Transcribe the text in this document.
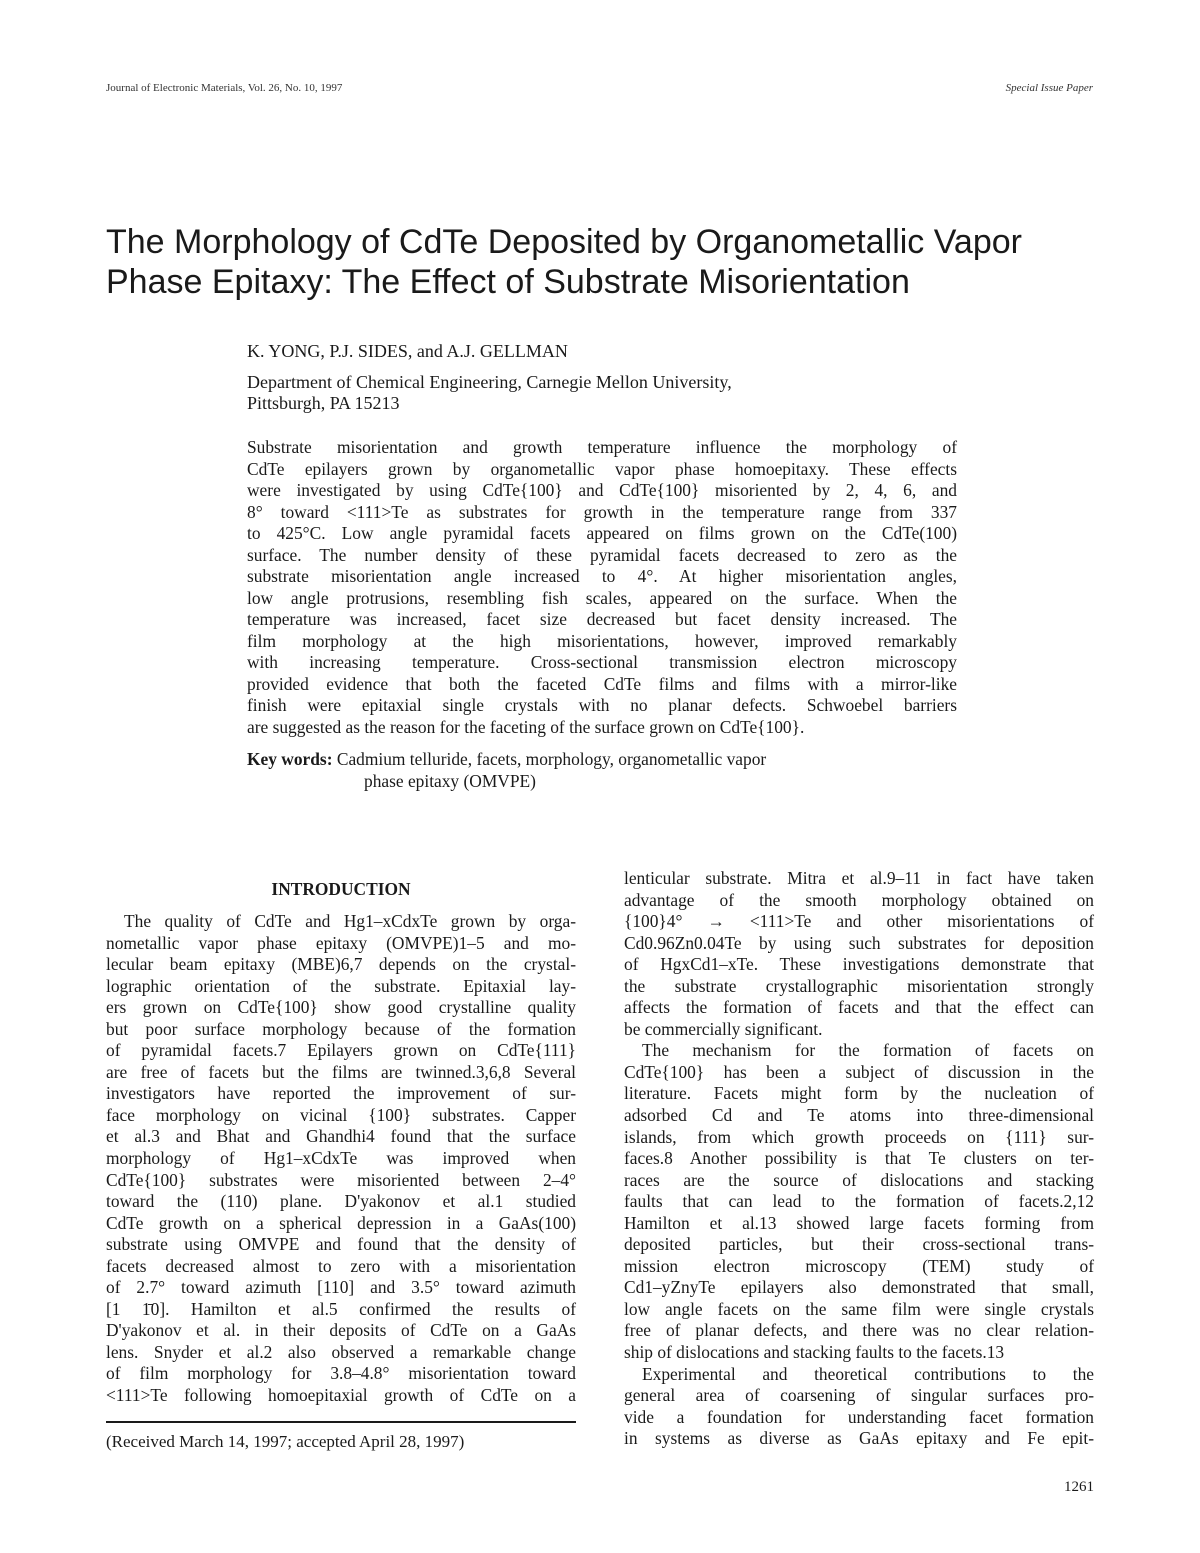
Journal of Electronic Materials, Vol. 26, No. 10, 1997	Special Issue Paper
The Morphology of CdTe Deposited by Organometallic Vapor
Phase Epitaxy: The Effect of Substrate Misorientation
K. YONG, P.J. SIDES, and A.J. GELLMAN
Department of Chemical Engineering, Carnegie Mellon University,
Pittsburgh, PA 15213
Substrate misorientation and growth temperature influence the morphology of
CdTe epilayers grown by organometallic vapor phase homoepitaxy. These effects
were investigated by using CdTe{100} and CdTe{100} misoriented by 2, 4, 6, and
8° toward <111>Te as substrates for growth in the temperature range from 337
to 425°C. Low angle pyramidal facets appeared on films grown on the CdTe(100)
surface. The number density of these pyramidal facets decreased to zero as the
substrate misorientation angle increased to 4°. At higher misorientation angles,
low angle protrusions, resembling fish scales, appeared on the surface. When the
temperature was increased, facet size decreased but facet density increased. The
film morphology at the high misorientations, however, improved remarkably
with increasing temperature. Cross-sectional transmission electron microscopy
provided evidence that both the faceted CdTe films and films with a mirror-like
finish were epitaxial single crystals with no planar defects. Schwoebel barriers
are suggested as the reason for the faceting of the surface grown on CdTe{100}.
Key words: Cadmium telluride, facets, morphology, organometallic vapor
phase epitaxy (OMVPE)
INTRODUCTION
The quality of CdTe and Hg1–xCdxTe grown by orga-
nometallic vapor phase epitaxy (OMVPE)1–5 and mo-
lecular beam epitaxy (MBE)6,7 depends on the crystal-
lographic orientation of the substrate. Epitaxial lay-
ers grown on CdTe{100} show good crystalline quality
but poor surface morphology because of the formation
of pyramidal facets.7 Epilayers grown on CdTe{111}
are free of facets but the films are twinned.3,6,8 Several
investigators have reported the improvement of sur-
face morphology on vicinal {100} substrates. Capper
et al.3 and Bhat and Ghandhi4 found that the surface
morphology of Hg1–xCdxTe was improved when
CdTe{100} substrates were misoriented between 2–4°
toward the (110) plane. D'yakonov et al.1 studied
CdTe growth on a spherical depression in a GaAs(100)
substrate using OMVPE and found that the density of
facets decreased almost to zero with a misorientation
of 2.7° toward azimuth [110] and 3.5° toward azimuth
[1 1̄0]. Hamilton et al.5 confirmed the results of
D'yakonov et al. in their deposits of CdTe on a GaAs
lens. Snyder et al.2 also observed a remarkable change
of film morphology for 3.8–4.8° misorientation toward
<111>Te following homoepitaxial growth of CdTe on a
lenticular substrate. Mitra et al.9–11 in fact have taken
advantage of the smooth morphology obtained on
{100}4° → <111>Te and other misorientations of
Cd0.96Zn0.04Te by using such substrates for deposition
of HgxCd1–xTe. These investigations demonstrate that
the substrate crystallographic misorientation strongly
affects the formation of facets and that the effect can
be commercially significant.
The mechanism for the formation of facets on
CdTe{100} has been a subject of discussion in the
literature. Facets might form by the nucleation of
adsorbed Cd and Te atoms into three-dimensional
islands, from which growth proceeds on {111} sur-
faces.8 Another possibility is that Te clusters on ter-
races are the source of dislocations and stacking
faults that can lead to the formation of facets.2,12
Hamilton et al.13 showed large facets forming from
deposited particles, but their cross-sectional trans-
mission electron microscopy (TEM) study of
Cd1–yZnyTe epilayers also demonstrated that small,
low angle facets on the same film were single crystals
free of planar defects, and there was no clear relation-
ship of dislocations and stacking faults to the facets.13
Experimental and theoretical contributions to the
general area of coarsening of singular surfaces pro-
vide a foundation for understanding facet formation
in systems as diverse as GaAs epitaxy and Fe epit-
(Received March 14, 1997; accepted April 28, 1997)
1261
